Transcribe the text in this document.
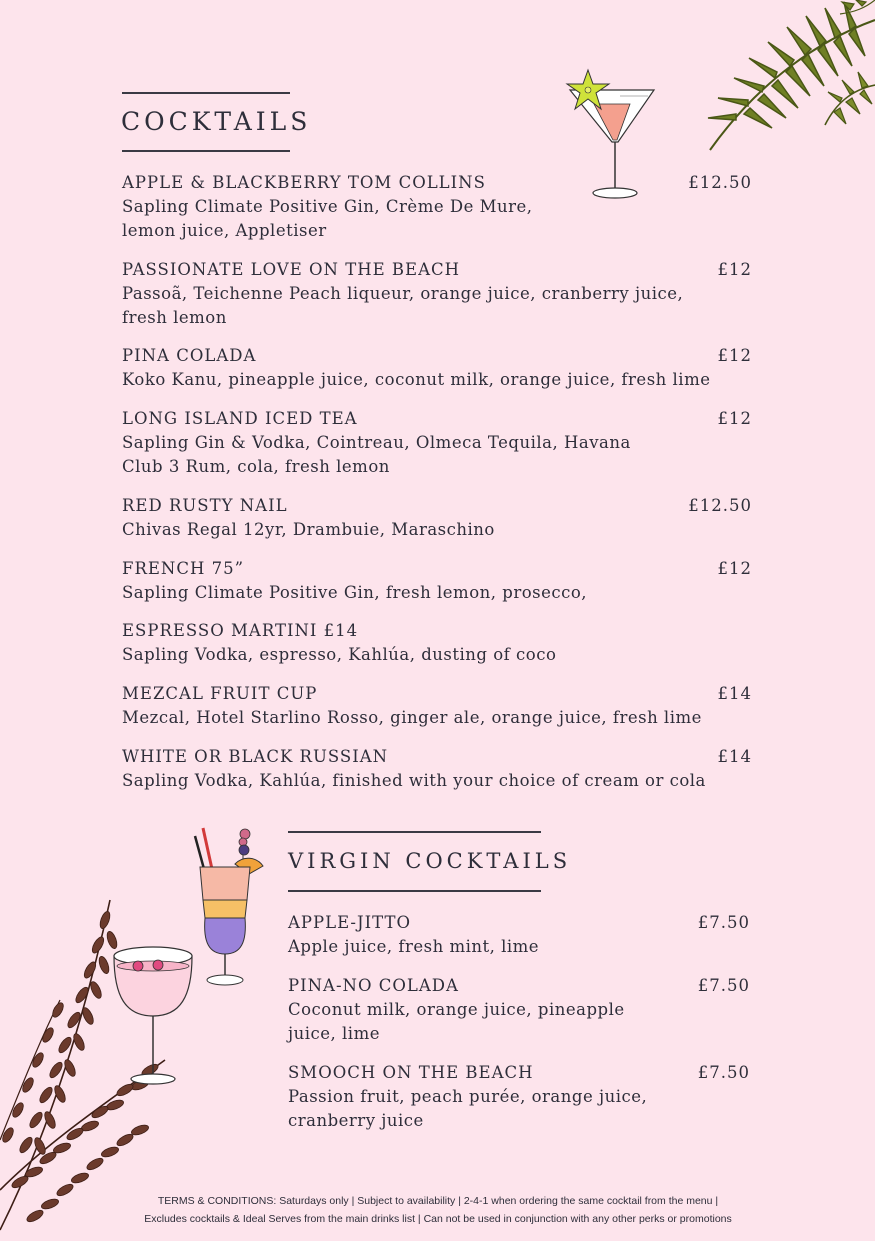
COCKTAILS
APPLE & BLACKBERRY TOM COLLINS	£12.50
Sapling Climate Positive Gin, Crème De Mure,
lemon juice, Appletiser
PASSIONATE LOVE ON THE BEACH	£12
Passoã, Teichenne Peach liqueur, orange juice, cranberry juice,
fresh lemon
PINA COLADA	£12
Koko Kanu, pineapple juice, coconut milk, orange juice, fresh lime
LONG ISLAND ICED TEA	£12
Sapling Gin & Vodka, Cointreau, Olmeca Tequila, Havana
Club 3 Rum, cola, fresh lemon
RED RUSTY NAIL	£12.50
Chivas Regal 12yr, Drambuie, Maraschino
FRENCH 75”	£12
Sapling Climate Positive Gin, fresh lemon, prosecco,
ESPRESSO MARTINI £14
Sapling Vodka, espresso, Kahlúa, dusting of coco
MEZCAL FRUIT CUP	£14
Mezcal, Hotel Starlino Rosso, ginger ale, orange juice, fresh lime
WHITE OR BLACK RUSSIAN	£14
Sapling Vodka, Kahlúa, finished with your choice of cream or cola
VIRGIN COCKTAILS
APPLE-JITTO	£7.50
Apple juice, fresh mint, lime
PINA-NO COLADA	£7.50
Coconut milk, orange juice, pineapple
juice, lime
SMOOCH ON THE BEACH	£7.50
Passion fruit, peach purée, orange juice,
cranberry juice
TERMS & CONDITIONS: Saturdays only | Subject to availability | 2-4-1 when ordering the same cocktail from the menu |
Excludes cocktails & Ideal Serves from the main drinks list | Can not be used in conjunction with any other perks or promotions
